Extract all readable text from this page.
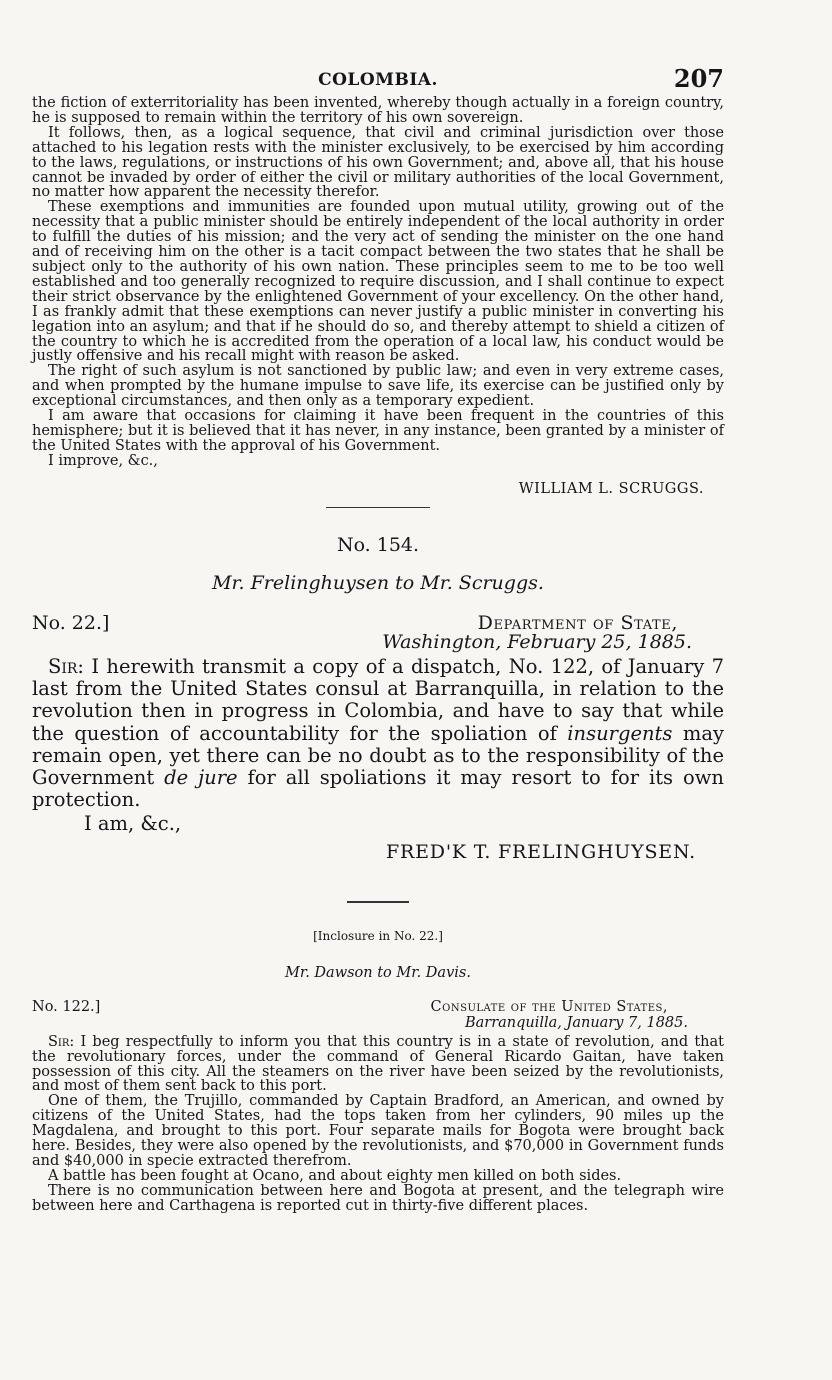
COLOMBIA.	207

the fiction of exterritoriality has been invented, whereby though actually in a foreign country, he is supposed to remain within the territory of his own sovereign.

It follows, then, as a logical sequence, that civil and criminal jurisdiction over those attached to his legation rests with the minister exclusively, to be exercised by him according to the laws, regulations, or instructions of his own Government; and, above all, that his house cannot be invaded by order of either the civil or military authorities of the local Government, no matter how apparent the necessity therefor.

These exemptions and immunities are founded upon mutual utility, growing out of the necessity that a public minister should be entirely independent of the local authority in order to fulfill the duties of his mission; and the very act of sending the minister on the one hand and of receiving him on the other is a tacit compact between the two states that he shall be subject only to the authority of his own nation. These principles seem to me to be too well established and too generally recognized to require discussion, and I shall continue to expect their strict observance by the enlightened Government of your excellency. On the other hand, I as frankly admit that these exemptions can never justify a public minister in converting his legation into an asylum; and that if he should do so, and thereby attempt to shield a citizen of the country to which he is accredited from the operation of a local law, his conduct would be justly offensive and his recall might with reason be asked.

The right of such asylum is not sanctioned by public law; and even in very extreme cases, and when prompted by the humane impulse to save life, its exercise can be justified only by exceptional circumstances, and then only as a temporary expedient.

I am aware that occasions for claiming it have been frequent in the countries of this hemisphere; but it is believed that it has never, in any instance, been granted by a minister of the United States with the approval of his Government.

I improve, &c.,

WILLIAM L. SCRUGGS.
No. 154.
Mr. Frelinghuysen to Mr. Scruggs.
No. 22.]	Department of State,
Washington, February 25, 1885.

Sir: I herewith transmit a copy of a dispatch, No. 122, of January 7 last from the United States consul at Barranquilla, in relation to the revolution then in progress in Colombia, and have to say that while the question of accountability for the spoliation of insurgents may remain open, yet there can be no doubt as to the responsibility of the Government de jure for all spoliations it may resort to for its own protection.

I am, &c.,
FRED'K T. FRELINGHUYSEN.
[Inclosure in No. 22.]
Mr. Dawson to Mr. Davis.
No. 122.]	Consulate of the United States,
Barranquilla, January 7, 1885.

Sir: I beg respectfully to inform you that this country is in a state of revolution, and that the revolutionary forces, under the command of General Ricardo Gaitan, have taken possession of this city. All the steamers on the river have been seized by the revolutionists, and most of them sent back to this port.

One of them, the Trujillo, commanded by Captain Bradford, an American, and owned by citizens of the United States, had the tops taken from her cylinders, 90 miles up the Magdalena, and brought to this port. Four separate mails for Bogota were brought back here. Besides, they were also opened by the revolutionists, and $70,000 in Government funds and $40,000 in specie extracted therefrom.

A battle has been fought at Ocano, and about eighty men killed on both sides.

There is no communication between here and Bogota at present, and the telegraph wire between here and Carthagena is reported cut in thirty-five different places.
